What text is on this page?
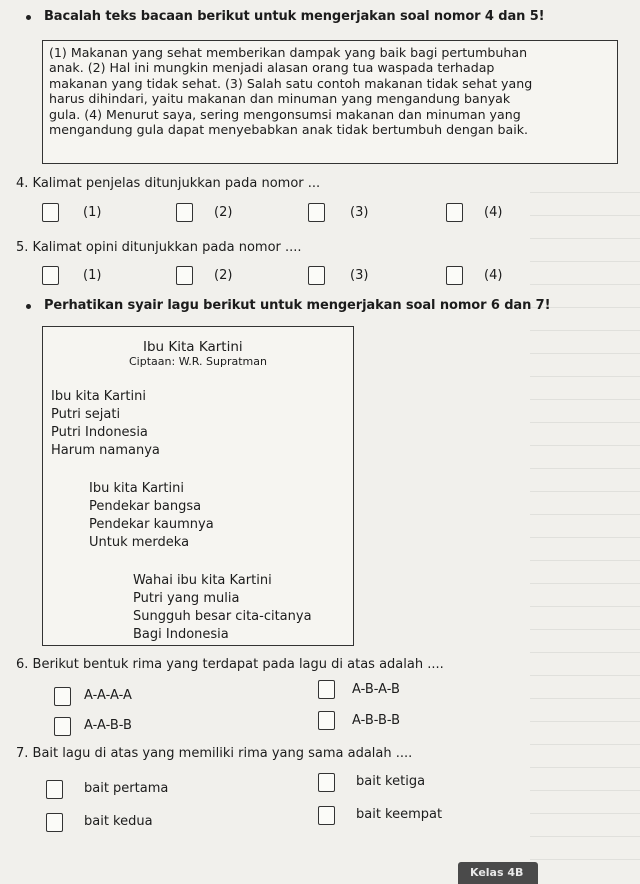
Bacalah teks bacaan berikut untuk mengerjakan soal nomor 4 dan 5!
(1) Makanan yang sehat memberikan dampak yang baik bagi pertumbuhan
anak. (2) Hal ini mungkin menjadi alasan orang tua waspada terhadap
makanan yang tidak sehat. (3) Salah satu contoh makanan tidak sehat yang
harus dihindari, yaitu makanan dan minuman yang mengandung banyak
gula. (4) Menurut saya, sering mengonsumsi makanan dan minuman yang
mengandung gula dapat menyebabkan anak tidak bertumbuh dengan baik.
4. Kalimat penjelas ditunjukkan pada nomor ...
(1)	(2)	(3)	(4)
5. Kalimat opini ditunjukkan pada nomor ....
(1)	(2)	(3)	(4)
Perhatikan syair lagu berikut untuk mengerjakan soal nomor 6 dan 7!
Ibu Kita Kartini
Ciptaan: W.R. Supratman
Ibu kita Kartini
Putri sejati
Putri Indonesia
Harum namanya
Ibu kita Kartini
Pendekar bangsa
Pendekar kaumnya
Untuk merdeka
Wahai ibu kita Kartini
Putri yang mulia
Sungguh besar cita-citanya
Bagi Indonesia
6. Berikut bentuk rima yang terdapat pada lagu di atas adalah ....
A-A-A-A	A-B-A-B
A-A-B-B	A-B-B-B
7. Bait lagu di atas yang memiliki rima yang sama adalah ....
bait pertama	bait ketiga
bait kedua	bait keempat
Kelas 4B
